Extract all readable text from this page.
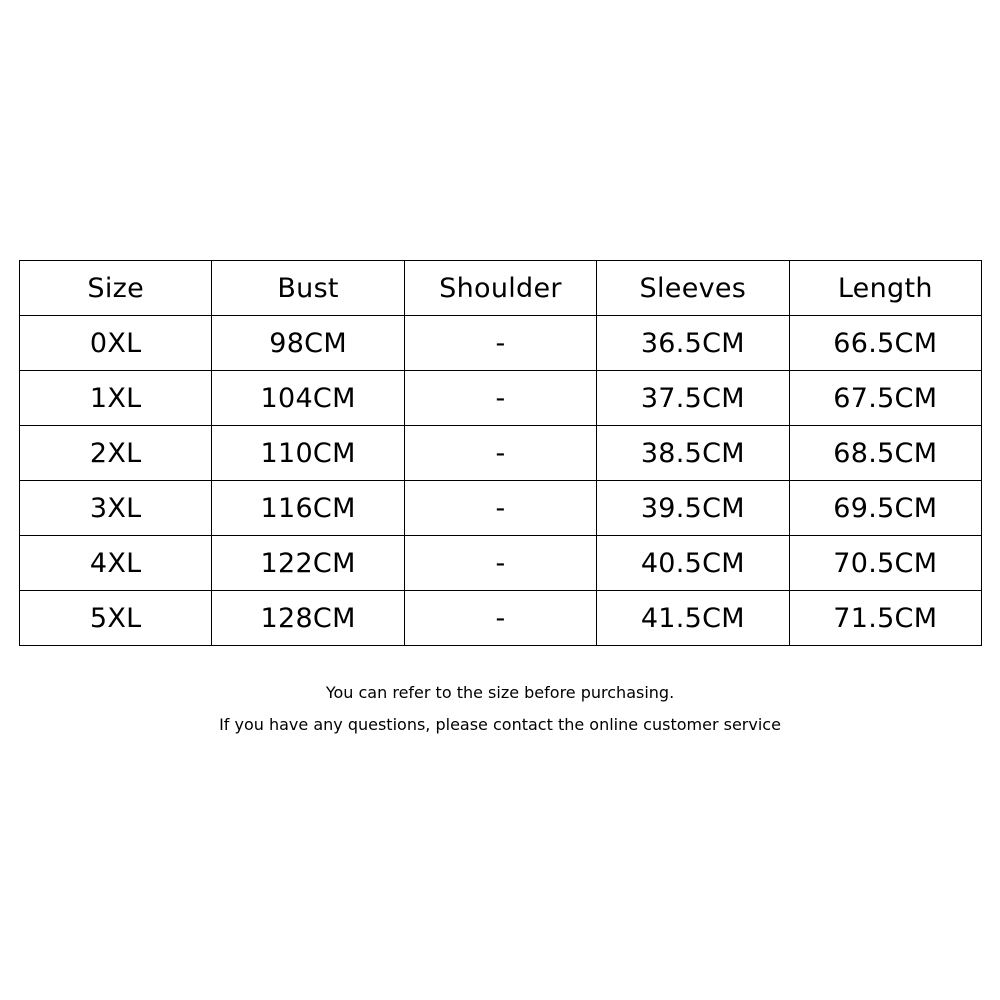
Size	Bust	Shoulder	Sleeves	Length
0XL	98CM	-	36.5CM	66.5CM
1XL	104CM	-	37.5CM	67.5CM
2XL	110CM	-	38.5CM	68.5CM
3XL	116CM	-	39.5CM	69.5CM
4XL	122CM	-	40.5CM	70.5CM
5XL	128CM	-	41.5CM	71.5CM
You can refer to the size before purchasing.
If you have any questions, please contact the online customer service
